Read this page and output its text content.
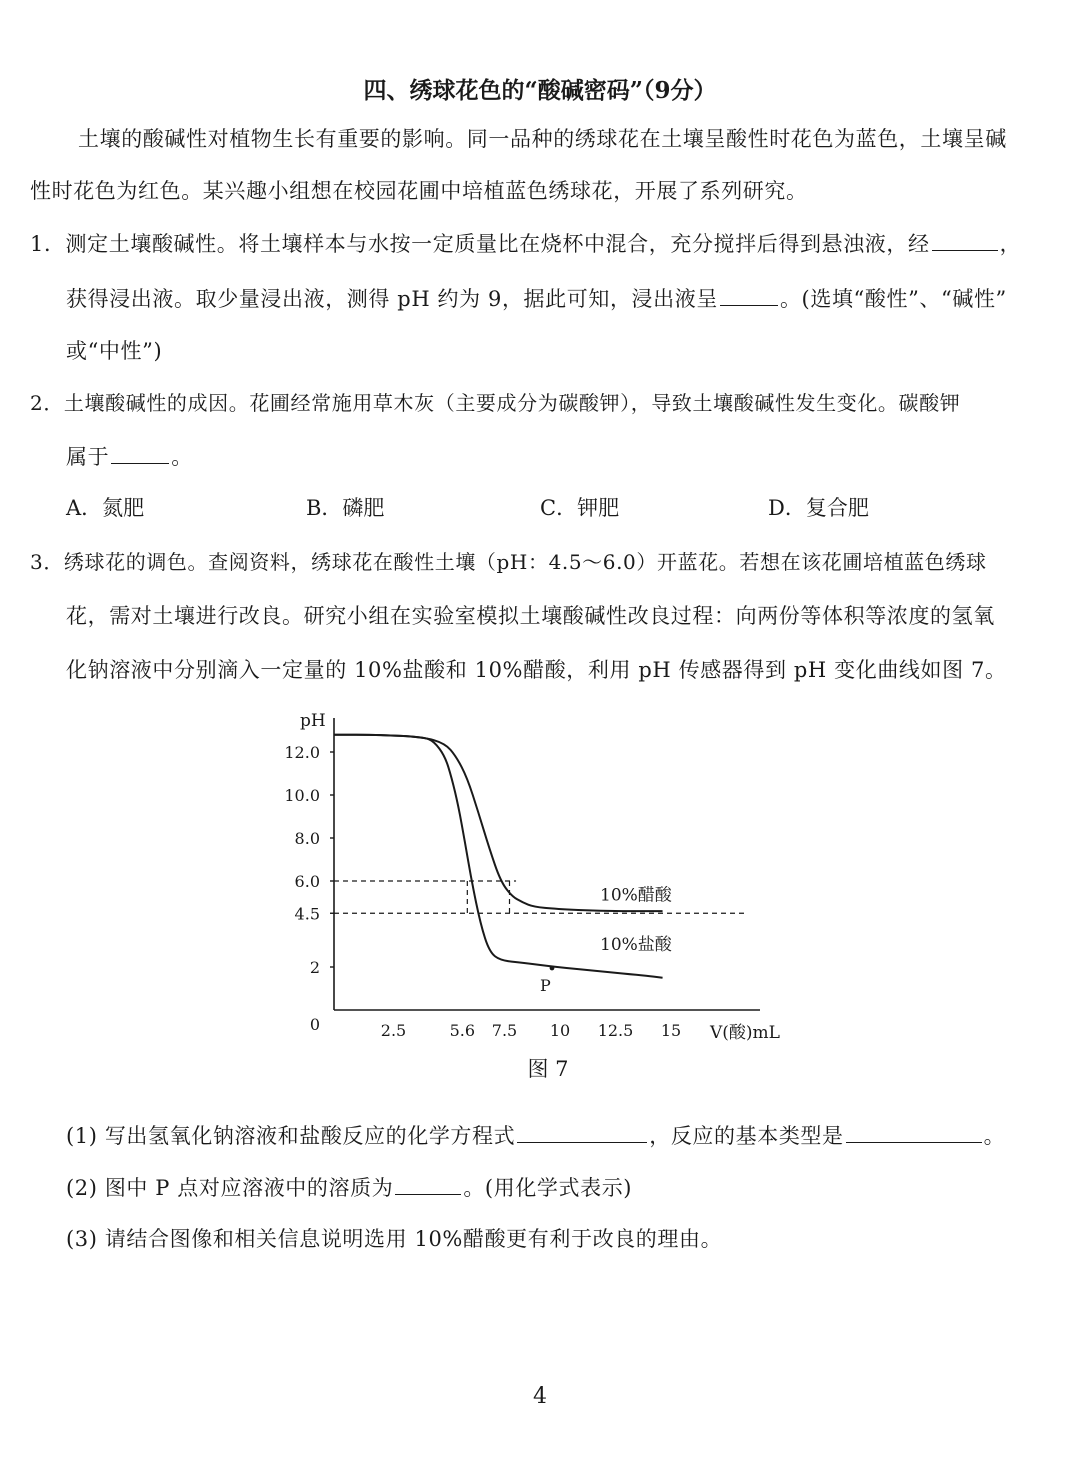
四、绣球花色的“酸碱密码”（9分）
土壤的酸碱性对植物生长有重要的影响。同一品种的绣球花在土壤呈酸性时花色为蓝色，土壤呈碱
性时花色为红色。某兴趣小组想在校园花圃中培植蓝色绣球花，开展了系列研究。
1．测定土壤酸碱性。将土壤样本与水按一定质量比在烧杯中混合，充分搅拌后得到悬浊液，经	，
获得浸出液。取少量浸出液，测得 pH 约为 9，据此可知，浸出液呈	。(选填“酸性”、“碱性”
或“中性”)
2．土壤酸碱性的成因。花圃经常施用草木灰（主要成分为碳酸钾），导致土壤酸碱性发生变化。碳酸钾
属于	。
A．氮肥	B．磷肥	C．钾肥	D．复合肥
3．绣球花的调色。查阅资料，绣球花在酸性土壤（pH：4.5～6.0）开蓝花。若想在该花圃培植蓝色绣球
花，需对土壤进行改良。研究小组在实验室模拟土壤酸碱性改良过程：向两份等体积等浓度的氢氧
化钠溶液中分别滴入一定量的 10%盐酸和 10%醋酸，利用 pH 传感器得到 pH 变化曲线如图 7。
pH
V(酸)mL
0
2
4.5
6.0
8.0
10.0
12.0
2.5	5.6 7.5 10 12.5 15
10%醋酸
10%盐酸
P
图 7
(1) 写出氢氧化钠溶液和盐酸反应的化学方程式	，反应的基本类型是	。
(2) 图中 P 点对应溶液中的溶质为	。(用化学式表示)
(3) 请结合图像和相关信息说明选用 10%醋酸更有利于改良的理由。
4
